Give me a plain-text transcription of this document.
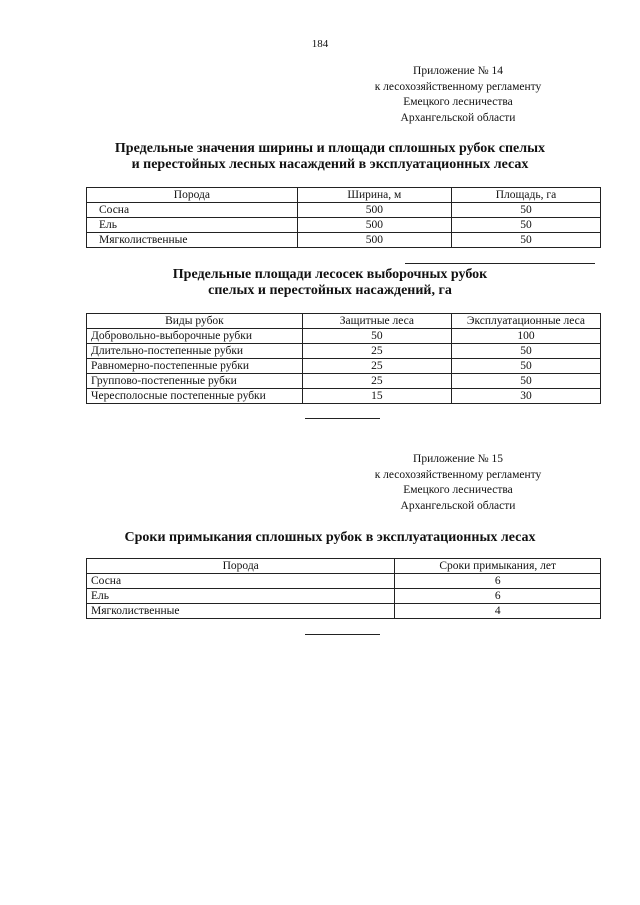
184
Приложение № 14
к лесохозяйственному регламенту
Емецкого лесничества
Архангельской области
Предельные значения ширины и площади сплошных рубок спелых
и перестойных лесных насаждений в эксплуатационных лесах
Порода	Ширина, м	Площадь, га
Сосна	500	50
Ель	500	50
Мягколиственные	500	50
Предельные площади лесосек выборочных рубок
спелых и перестойных насаждений, га
Виды рубок	Защитные леса	Эксплуатационные леса
Добровольно-выборочные рубки	50	100
Длительно-постепенные рубки	25	50
Равномерно-постепенные рубки	25	50
Группово-постепенные рубки	25	50
Чересполосные постепенные рубки	15	30
Приложение № 15
к лесохозяйственному регламенту
Емецкого лесничества
Архангельской области
Сроки примыкания сплошных рубок в эксплуатационных лесах
Порода	Сроки примыкания, лет
Сосна	6
Ель	6
Мягколиственные	4
